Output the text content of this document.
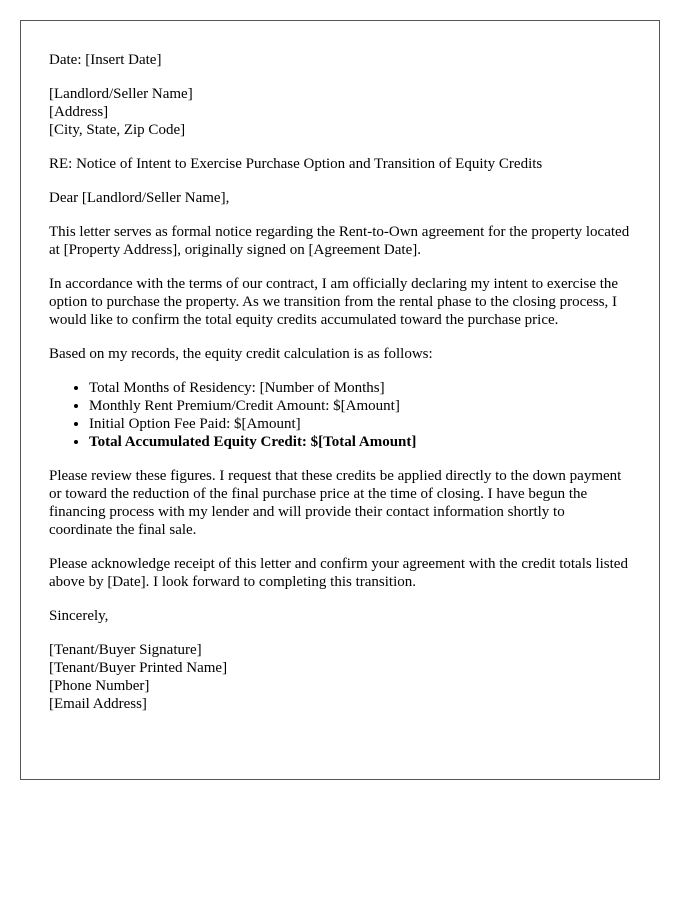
Date: [Insert Date]

[Landlord/Seller Name]
[Address]
[City, State, Zip Code]

RE: Notice of Intent to Exercise Purchase Option and Transition of Equity Credits

Dear [Landlord/Seller Name],

This letter serves as formal notice regarding the Rent-to-Own agreement for the property located at [Property Address], originally signed on [Agreement Date].

In accordance with the terms of our contract, I am officially declaring my intent to exercise the option to purchase the property. As we transition from the rental phase to the closing process, I would like to confirm the total equity credits accumulated toward the purchase price.

Based on my records, the equity credit calculation is as follows:

• Total Months of Residency: [Number of Months]
• Monthly Rent Premium/Credit Amount: $[Amount]
• Initial Option Fee Paid: $[Amount]
• Total Accumulated Equity Credit: $[Total Amount]

Please review these figures. I request that these credits be applied directly to the down payment or toward the reduction of the final purchase price at the time of closing. I have begun the financing process with my lender and will provide their contact information shortly to coordinate the final sale.

Please acknowledge receipt of this letter and confirm your agreement with the credit totals listed above by [Date]. I look forward to completing this transition.

Sincerely,

[Tenant/Buyer Signature]
[Tenant/Buyer Printed Name]
[Phone Number]
[Email Address]
